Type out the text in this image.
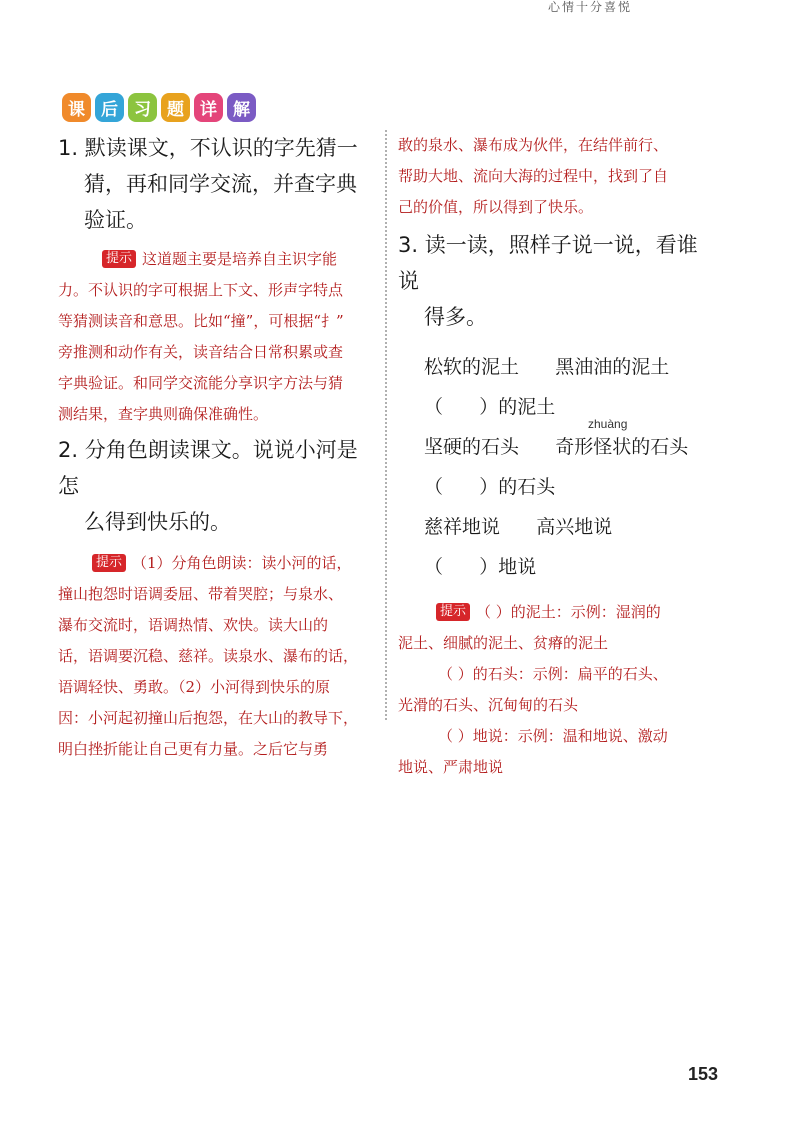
心情十分喜悦
课 后 习 题 详 解

1. 默读课文，不认识的字先猜一

猜，再和同学交流，并查字典

验证。

提示 这道题主要是培养自主识字能

力。不认识的字可根据上下文、形声字特点

等猜测读音和意思。比如“撞”，可根据“扌”

旁推测和动作有关，读音结合日常积累或查

字典验证。和同学交流能分享识字方法与猜

测结果，查字典则确保准确性。

2. 分角色朗读课文。说说小河是怎

么得到快乐的。

提示 （1）分角色朗读：读小河的话，

撞山抱怨时语调委屈、带着哭腔；与泉水、

瀑布交流时，语调热情、欢快。读大山的

话，语调要沉稳、慈祥。读泉水、瀑布的话，

语调轻快、勇敢。（2）小河得到快乐的原

因：小河起初撞山后抱怨，在大山的教导下，

明白挫折能让自己更有力量。之后它与勇

敢的泉水、瀑布成为伙伴，在结伴前行、

帮助大地、流向大海的过程中，找到了自

己的价值，所以得到了快乐。

3. 读一读，照样子说一说，看谁说

得多。

zhuàng

松软的泥土      黑油油的泥土

（      ）的泥土

坚硬的石头      奇形怪状的石头

（      ）的石头

慈祥地说      高兴地说

（      ）地说

提示 （ ）的泥土：示例：湿润的

泥土、细腻的泥土、贫瘠的泥土

（ ）的石头：示例：扁平的石头、

光滑的石头、沉甸甸的石头

（ ）地说：示例：温和地说、激动

地说、严肃地说

153
